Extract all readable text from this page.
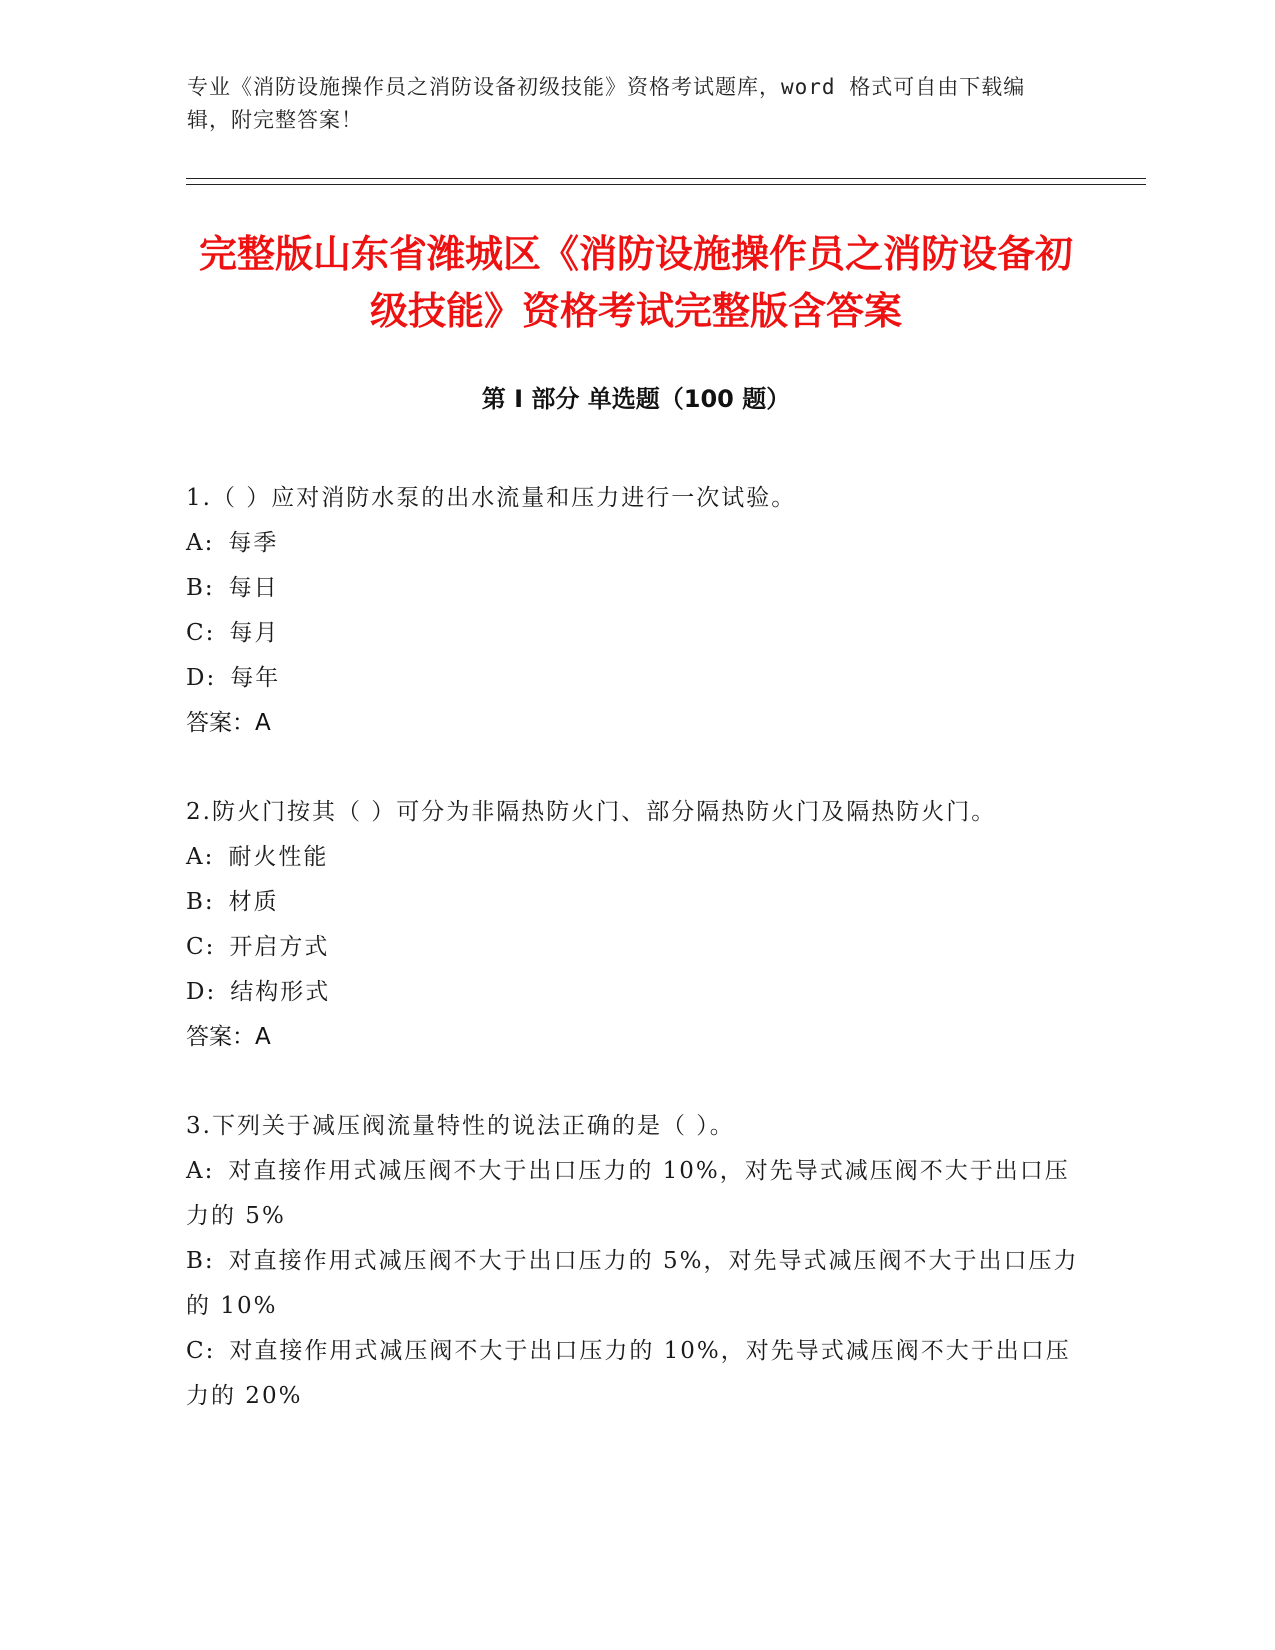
专业《消防设施操作员之消防设备初级技能》资格考试题库，word 格式可自由下载编辑，附完整答案！
完整版山东省潍城区《消防设施操作员之消防设备初级技能》资格考试完整版含答案
第 I 部分 单选题（100 题）
1.（ ）应对消防水泵的出水流量和压力进行一次试验。
A: 每季
B: 每日
C: 每月
D: 每年
答案：A
2.防火门按其（ ）可分为非隔热防火门、部分隔热防火门及隔热防火门。
A: 耐火性能
B: 材质
C: 开启方式
D: 结构形式
答案：A
3.下列关于减压阀流量特性的说法正确的是（ ）。
A: 对直接作用式减压阀不大于出口压力的 10%，对先导式减压阀不大于出口压力的 5%
B: 对直接作用式减压阀不大于出口压力的 5%，对先导式减压阀不大于出口压力的 10%
C: 对直接作用式减压阀不大于出口压力的 10%，对先导式减压阀不大于出口压力的 20%
